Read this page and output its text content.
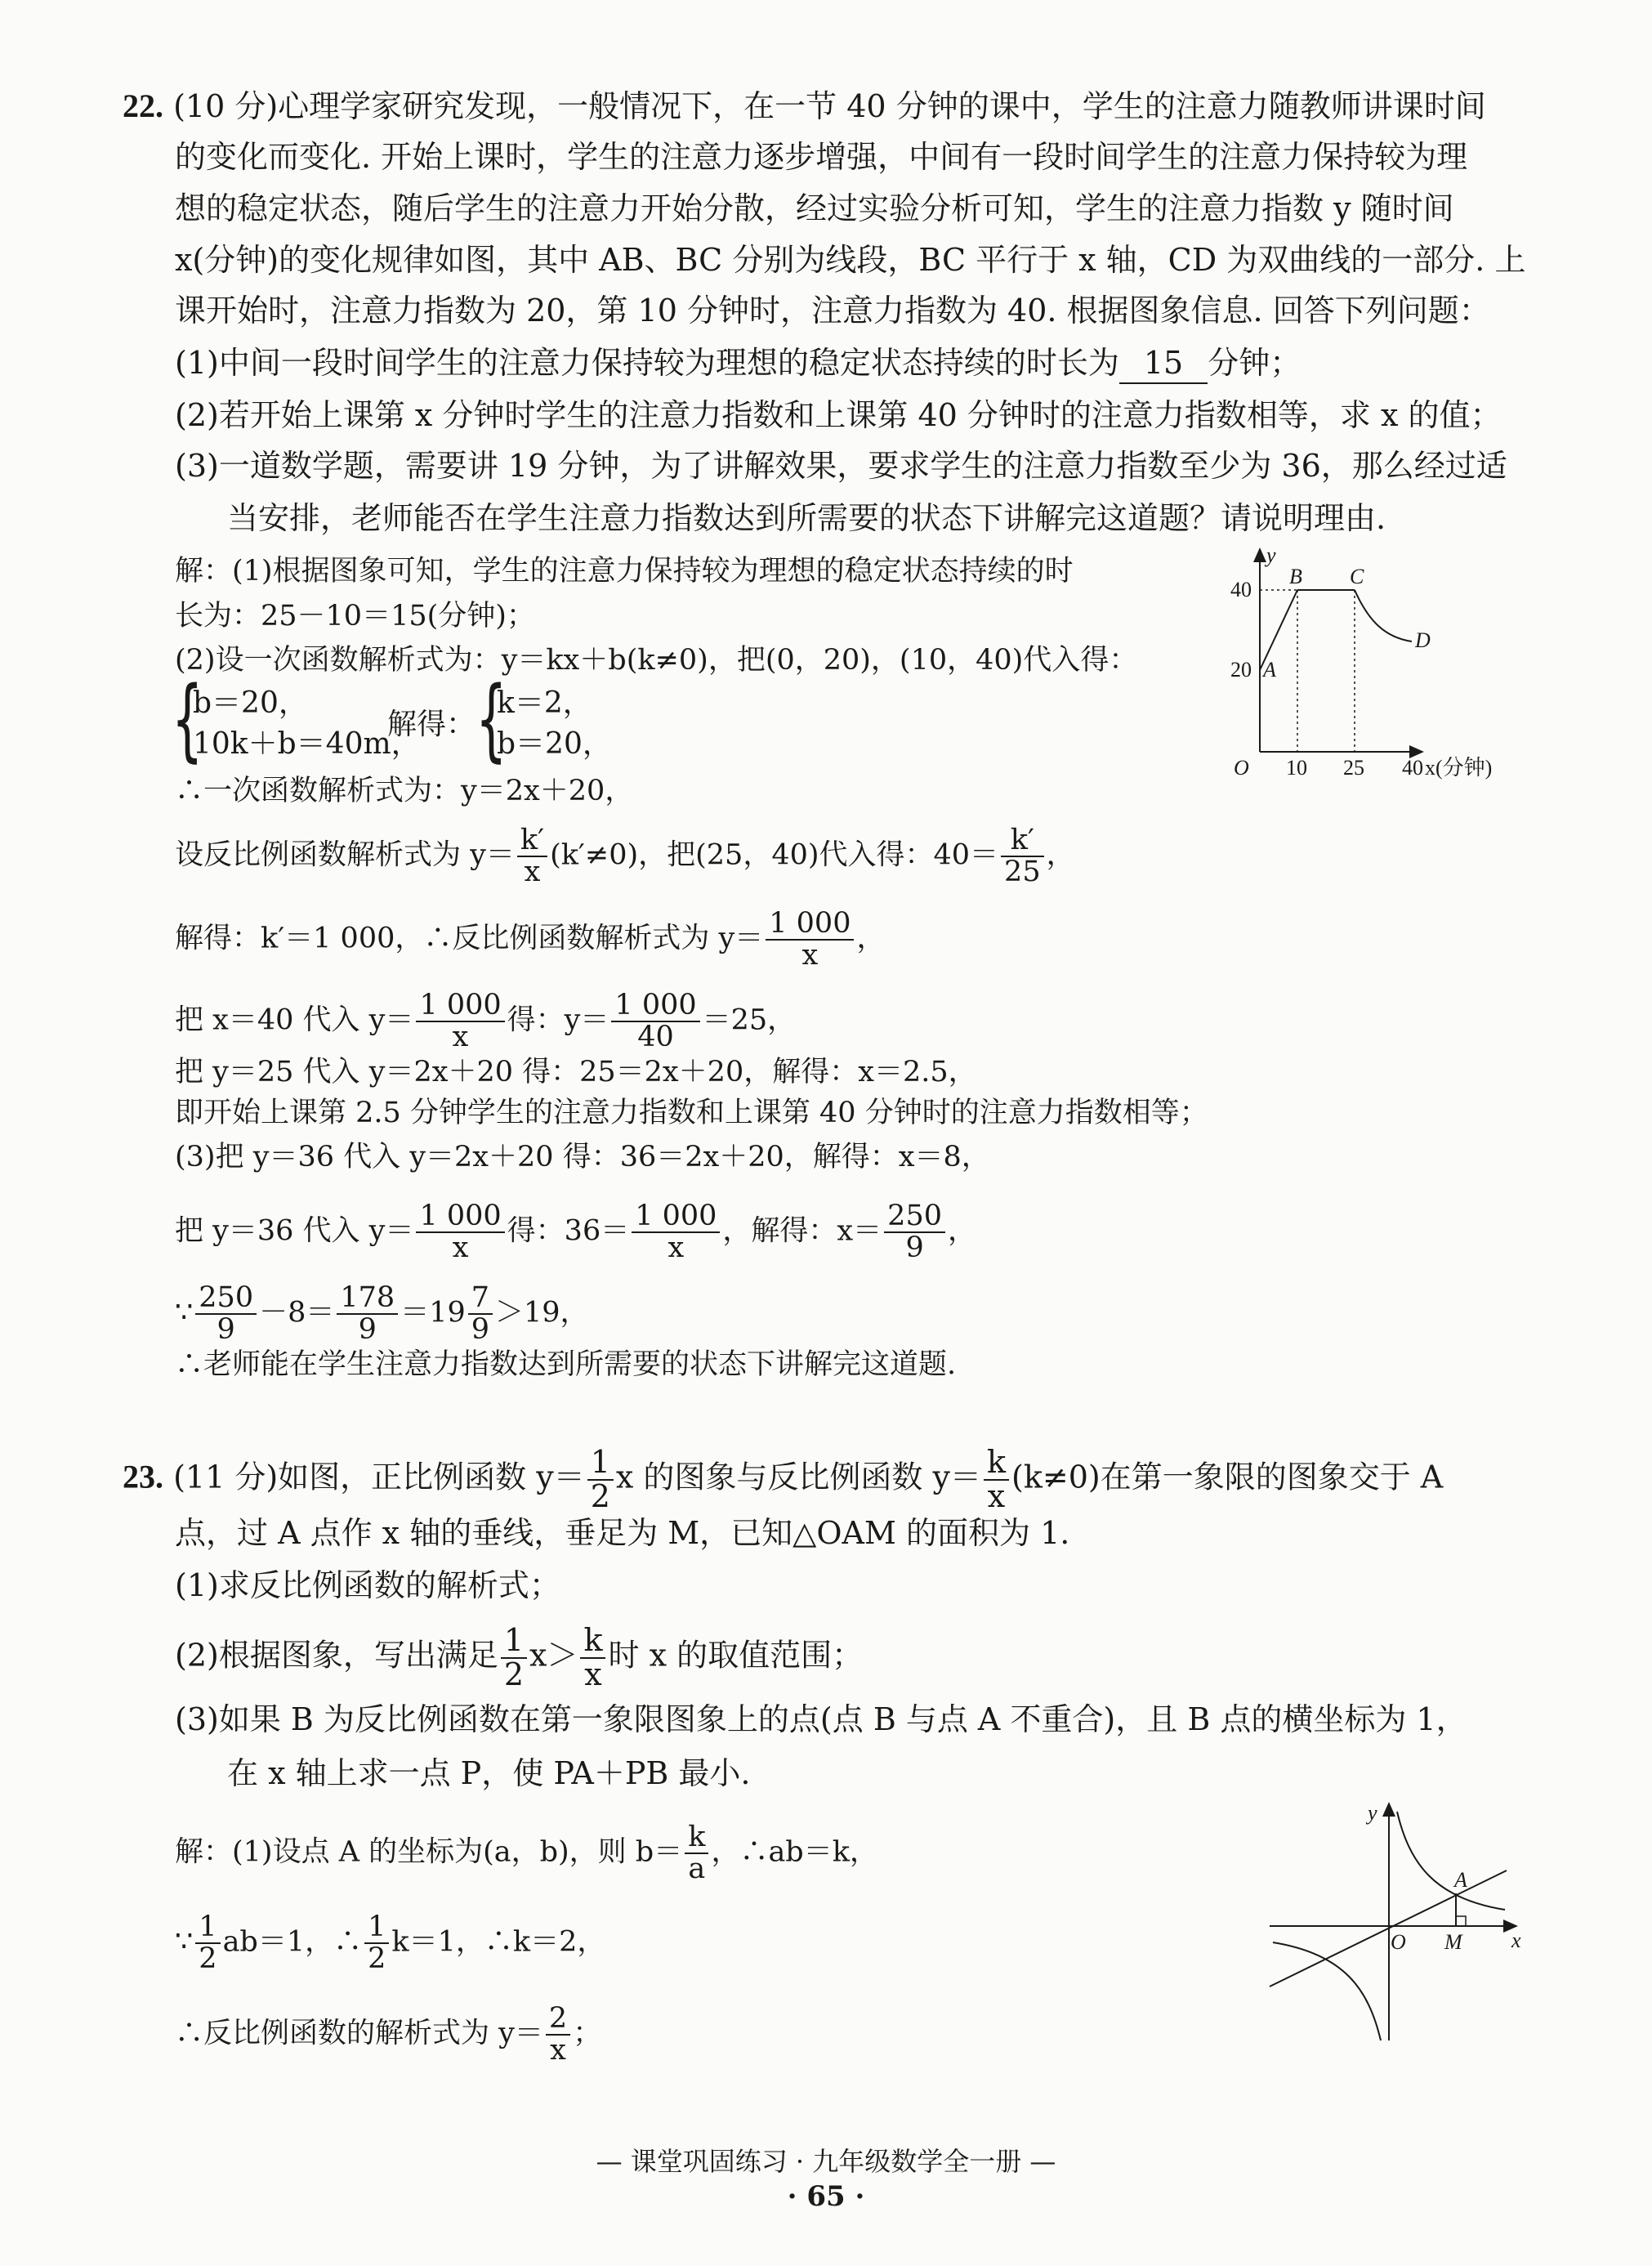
22. (10 分)心理学家研究发现，一般情况下，在一节 40 分钟的课中，学生的注意力随教师讲课时间
的变化而变化. 开始上课时，学生的注意力逐步增强，中间有一段时间学生的注意力保持较为理
想的稳定状态，随后学生的注意力开始分散，经过实验分析可知，学生的注意力指数 y 随时间
x(分钟)的变化规律如图，其中 AB、BC 分别为线段，BC 平行于 x 轴，CD 为双曲线的一部分. 上
课开始时，注意力指数为 20，第 10 分钟时，注意力指数为 40. 根据图象信息. 回答下列问题：
(1)中间一段时间学生的注意力保持较为理想的稳定状态持续的时长为 15 分钟；
(2)若开始上课第 x 分钟时学生的注意力指数和上课第 40 分钟时的注意力指数相等，求 x 的值；
(3)一道数学题，需要讲 19 分钟，为了讲解效果，要求学生的注意力指数至少为 36，那么经过适
当安排，老师能否在学生注意力指数达到所需要的状态下讲解完这道题？请说明理由.
解：(1)根据图象可知，学生的注意力保持较为理想的稳定状态持续的时
长为：25－10＝15(分钟)；
(2)设一次函数解析式为：y＝kx＋b(k≠0)，把(0，20)，(10，40)代入得：
{
b＝20，
10k＋b＝40m，
解得： {
k＝2，
b＝20，
∴一次函数解析式为：y＝2x＋20，
设反比例函数解析式为 $y= \frac{k'}{x} (k'\ne 0)$，把(25，40)代入得：$40= \frac{k'}{25}$ ，
解得：k′＝1 000，∴反比例函数解析式为 $y= \frac{1 000}{x}$ ，
把 x＝40 代入 $y= \frac{1 000}{x}$ 得：$y= \frac{1 000}{40} =25$，
把 y＝25 代入 y＝2x＋20 得：25＝2x＋20，解得：x＝2.5，
即开始上课第 2.5 分钟学生的注意力指数和上课第 40 分钟时的注意力指数相等；
(3)把 y＝36 代入 y＝2x＋20 得：36＝2x＋20，解得：x＝8，
把 y＝36 代入 $y= \frac{1 000}{x}$ 得：$36= \frac{1 000}{x}$ ，解得：$x= \frac{250}{9}$ ，
∵ $\frac{250}{9} -8= \frac{178}{9} =19 \frac{7}{9} >19$，
∴老师能在学生注意力指数达到所需要的状态下讲解完这道题.
y
40
20 A
B C
D
O 10 25 40 x(分钟)
23. (11 分)如图，正比例函数 $y= \frac{1}{2}$ x 的图象与反比例函数 $y= \frac{k}{x} (k\ne 0)$在第一象限的图象交于 A
点，过 A 点作 x 轴的垂线，垂足为 M，已知△OAM 的面积为 1.
(1)求反比例函数的解析式；
(2)根据图象，写出满足 $\frac{1}{2} x> \frac{k}{x}$ 时 x 的取值范围；
(3)如果 B 为反比例函数在第一象限图象上的点(点 B 与点 A 不重合)，且 B 点的横坐标为 1，
在 x 轴上求一点 P，使 PA＋PB 最小.
解：(1)设点 A 的坐标为(a，b)，则 $b= \frac{k}{a}$ ，∴ab＝k，
∵ $\frac{1}{2} ab=1$，∴ $\frac{1}{2} k=1$，∴k＝2，
∴反比例函数的解析式为 $y= \frac{2}{x}$ ；
y
x
O
A
M
— 课堂巩固练习 · 九年级数学全一册 —
· 65 ·
